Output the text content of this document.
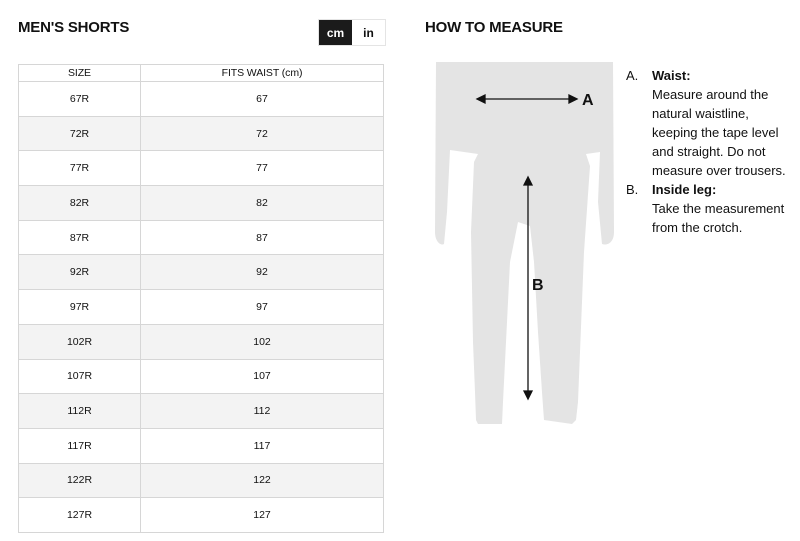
MEN'S SHORTS	cm	in
SIZE	FITS WAIST (cm)
67R	67
72R	72
77R	77
82R	82
87R	87
92R	92
97R	97
102R	102
107R	107
112R	112
117R	117
122R	122
127R	127
HOW TO MEASURE
A
B
A.	Waist:
Measure around the natural waistline, keeping the tape level and straight. Do not measure over trousers.
B.	Inside leg:
Take the measurement from the crotch.
